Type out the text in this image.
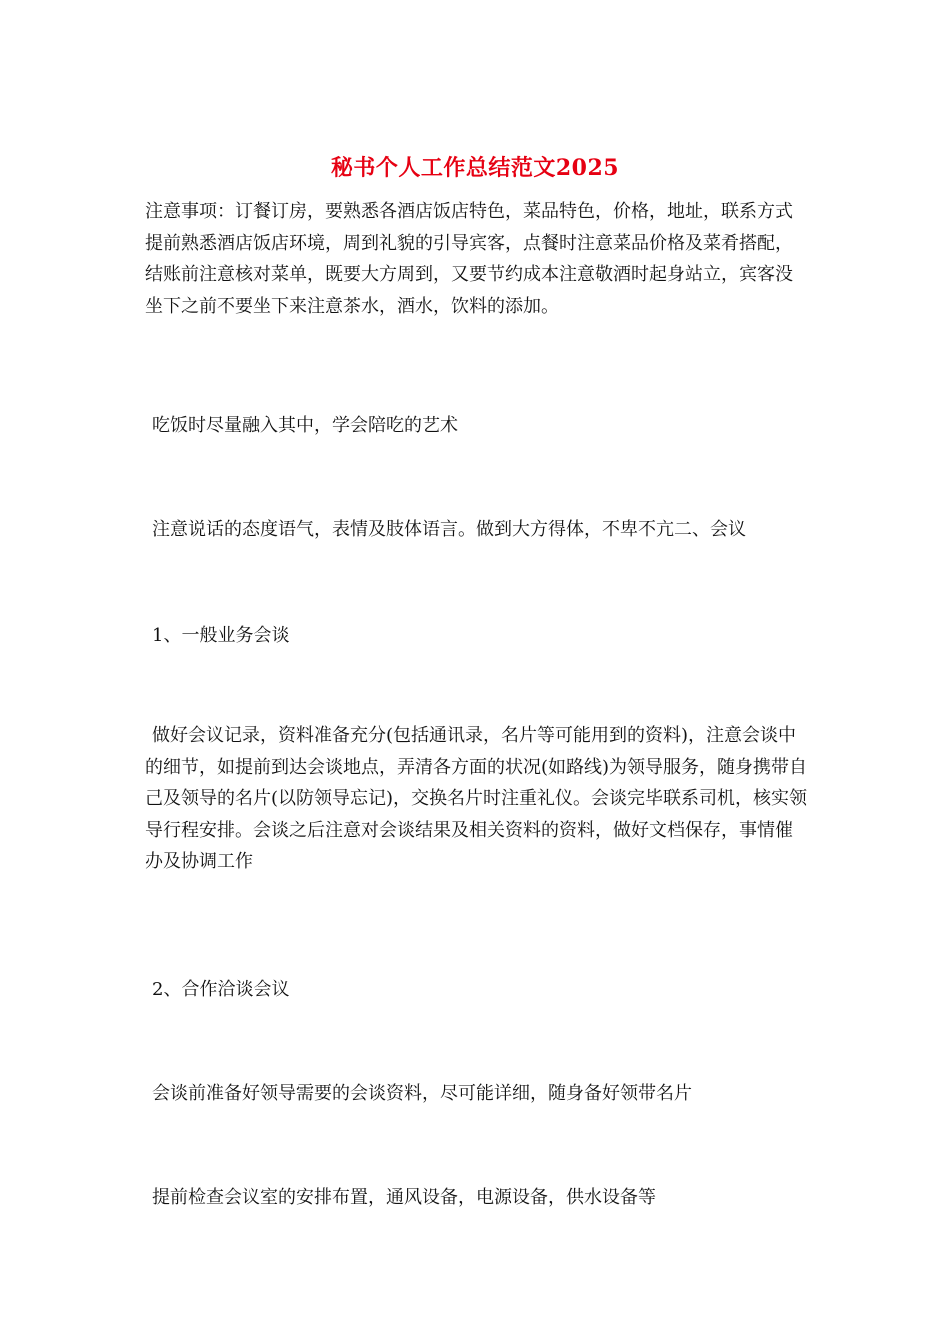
秘书个人工作总结范文2025

注意事项：订餐订房，要熟悉各酒店饭店特色，菜品特色，价格，地址，联系方式提前熟悉酒店饭店环境，周到礼貌的引导宾客，点餐时注意菜品价格及菜肴搭配，结账前注意核对菜单，既要大方周到，又要节约成本注意敬酒时起身站立，宾客没坐下之前不要坐下来注意茶水，酒水，饮料的添加。

吃饭时尽量融入其中，学会陪吃的艺术

注意说话的态度语气，表情及肢体语言。做到大方得体，不卑不亢二、会议

1、一般业务会谈

做好会议记录，资料准备充分(包括通讯录，名片等可能用到的资料)，注意会谈中的细节，如提前到达会谈地点，弄清各方面的状况(如路线)为领导服务，随身携带自己及领导的名片(以防领导忘记)，交换名片时注重礼仪。会谈完毕联系司机，核实领导行程安排。会谈之后注意对会谈结果及相关资料的资料，做好文档保存，事情催办及协调工作

2、合作洽谈会议

会谈前准备好领导需要的会谈资料，尽可能详细，随身备好领带名片

提前检查会议室的安排布置，通风设备，电源设备，供水设备等
